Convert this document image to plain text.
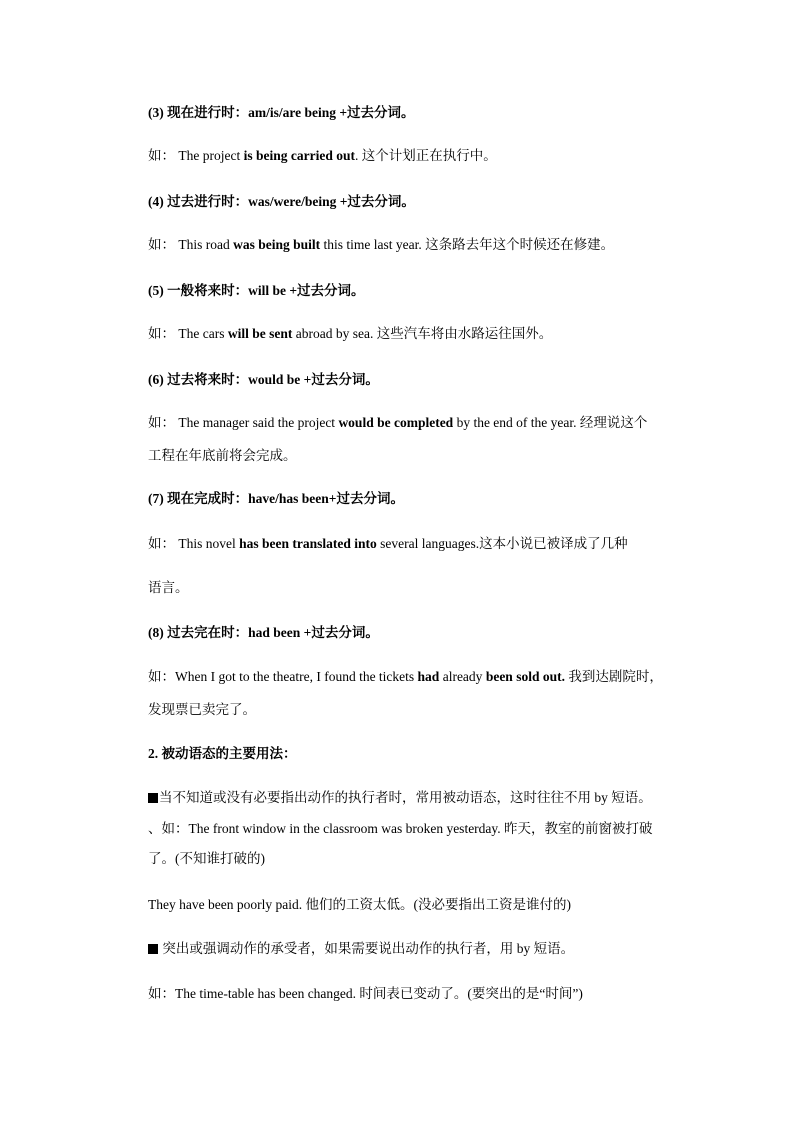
(3) 现在进行时：am/is/are being +过去分词。
如： The project is being carried out. 这个计划正在执行中。
(4) 过去进行时：was/were/being +过去分词。
如： This road was being built this time last year. 这条路去年这个时候还在修建。
(5) 一般将来时：will be +过去分词。
如： The cars will be sent abroad by sea. 这些汽车将由水路运往国外。
(6) 过去将来时：would be +过去分词。
如： The manager said the project would be completed by the end of the year. 经理说这个
工程在年底前将会完成。
(7) 现在完成时：have/has been+过去分词。
如： This novel has been translated into several languages.这本小说已被译成了几种
语言。
(8) 过去完在时：had been +过去分词。
如：When I got to the theatre, I found the tickets had already been sold out. 我到达剧院时，
发现票已卖完了。
2. 被动语态的主要用法：
当不知道或没有必要指出动作的执行者时，常用被动语态，这时往往不用 by 短语。
、如：The front window in the classroom was broken yesterday. 昨天，教室的前窗被打破
了。(不知谁打破的)
They have been poorly paid. 他们的工资太低。(没必要指出工资是谁付的)
突出或强调动作的承受者，如果需要说出动作的执行者，用 by 短语。
如：The time-table has been changed. 时间表已变动了。(要突出的是“时间”)
